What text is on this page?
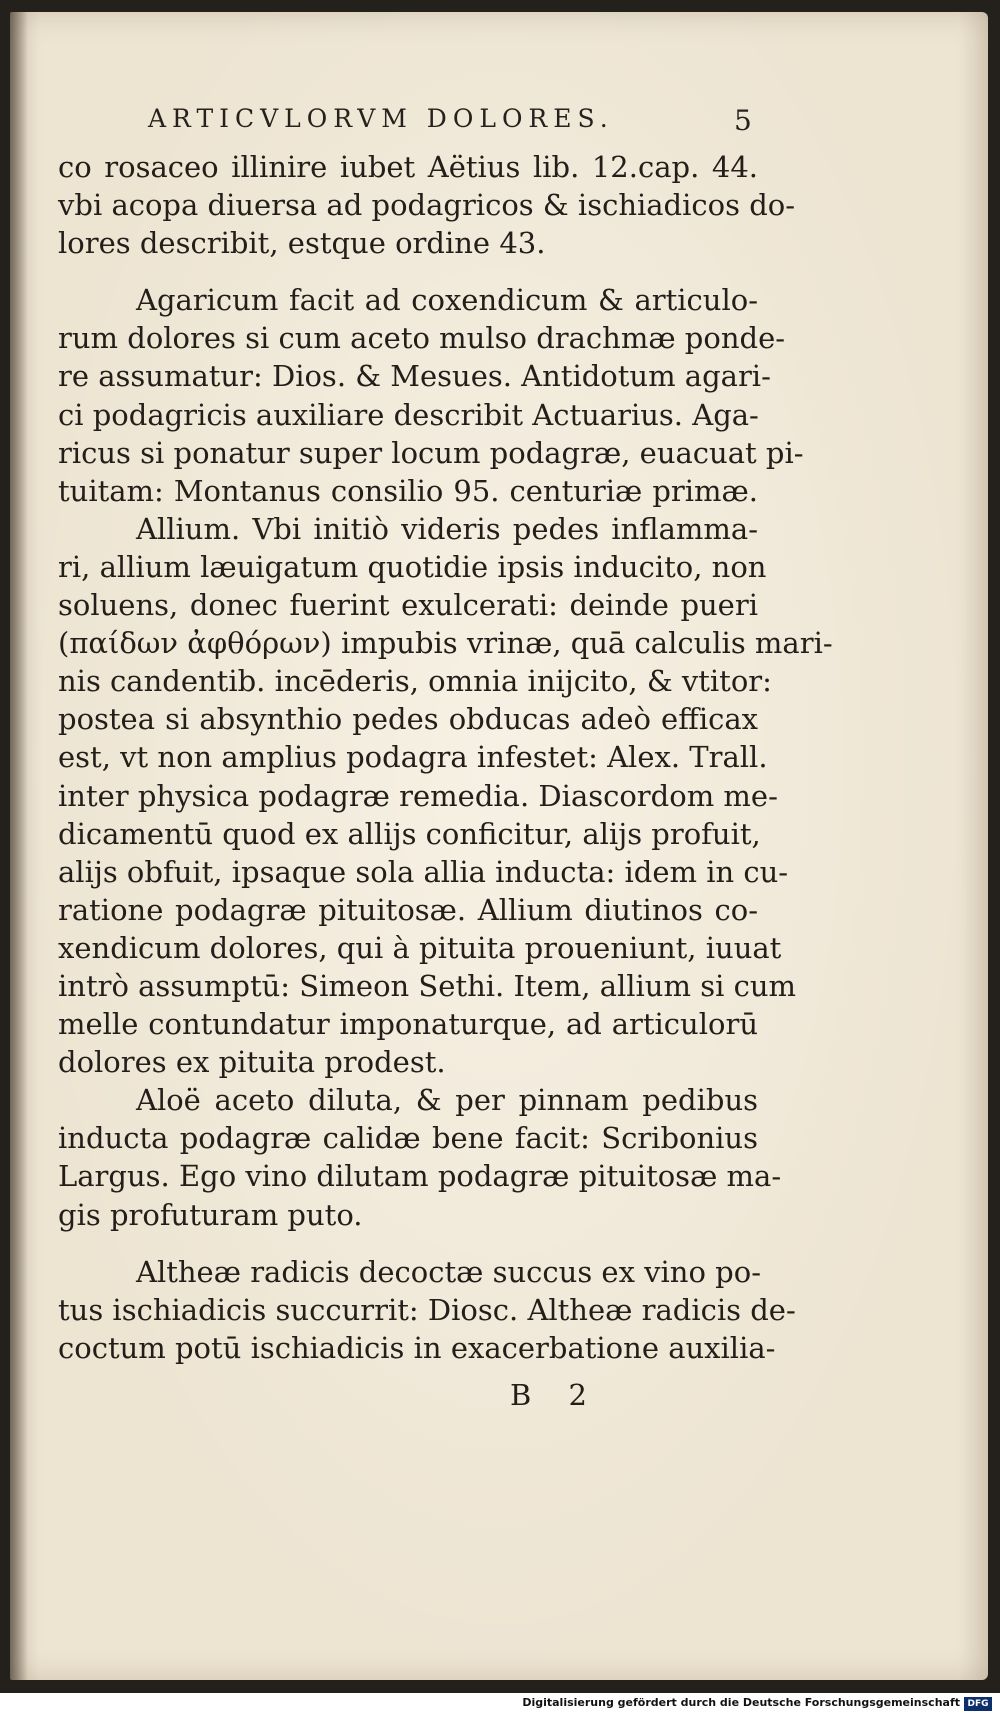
ARTICVLORVM DOLORES.	5
co rosaceo illinire iubet Aëtius lib. 12.cap. 44.
vbi acopa diuersa ad podagricos & ischiadicos do-
lores describit, estque ordine 43.
Agaricum facit ad coxendicum & articulo-
rum dolores si cum aceto mulso drachmæ ponde-
re assumatur: Dios. & Mesues. Antidotum agari-
ci podagricis auxiliare describit Actuarius. Aga-
ricus si ponatur super locum podagræ, euacuat pi-
tuitam: Montanus consilio 95. centuriæ primæ.
Allium. Vbi initiò videris pedes inflamma-
ri, allium læuigatum quotidie ipsis inducito, non
soluens, donec fuerint exulcerati: deinde pueri
(παίδων ἀφθόρων) impubis vrinæ, quā calculis mari-
nis candentib. incēderis, omnia inijcito, & vtitor:
postea si absynthio pedes obducas adeò efficax
est, vt non amplius podagra infestet: Alex. Trall.
inter physica podagræ remedia. Diascordom me-
dicamentū quod ex allijs conficitur, alijs profuit,
alijs obfuit, ipsaque sola allia inducta: idem in cu-
ratione podagræ pituitosæ. Allium diutinos co-
xendicum dolores, qui à pituita proueniunt, iuuat
intrò assumptū: Simeon Sethi. Item, allium si cum
melle contundatur imponaturque, ad articulorū
dolores ex pituita prodest.
Aloë aceto diluta, & per pinnam pedibus
inducta podagræ calidæ bene facit: Scribonius
Largus. Ego vino dilutam podagræ pituitosæ ma-
gis profuturam puto.
Altheæ radicis decoctæ succus ex vino po-
tus ischiadicis succurrit: Diosc. Altheæ radicis de-
coctum potū ischiadicis in exacerbatione auxilia-
B 2
Digitalisierung gefördert durch die Deutsche Forschungsgemeinschaft DFG
